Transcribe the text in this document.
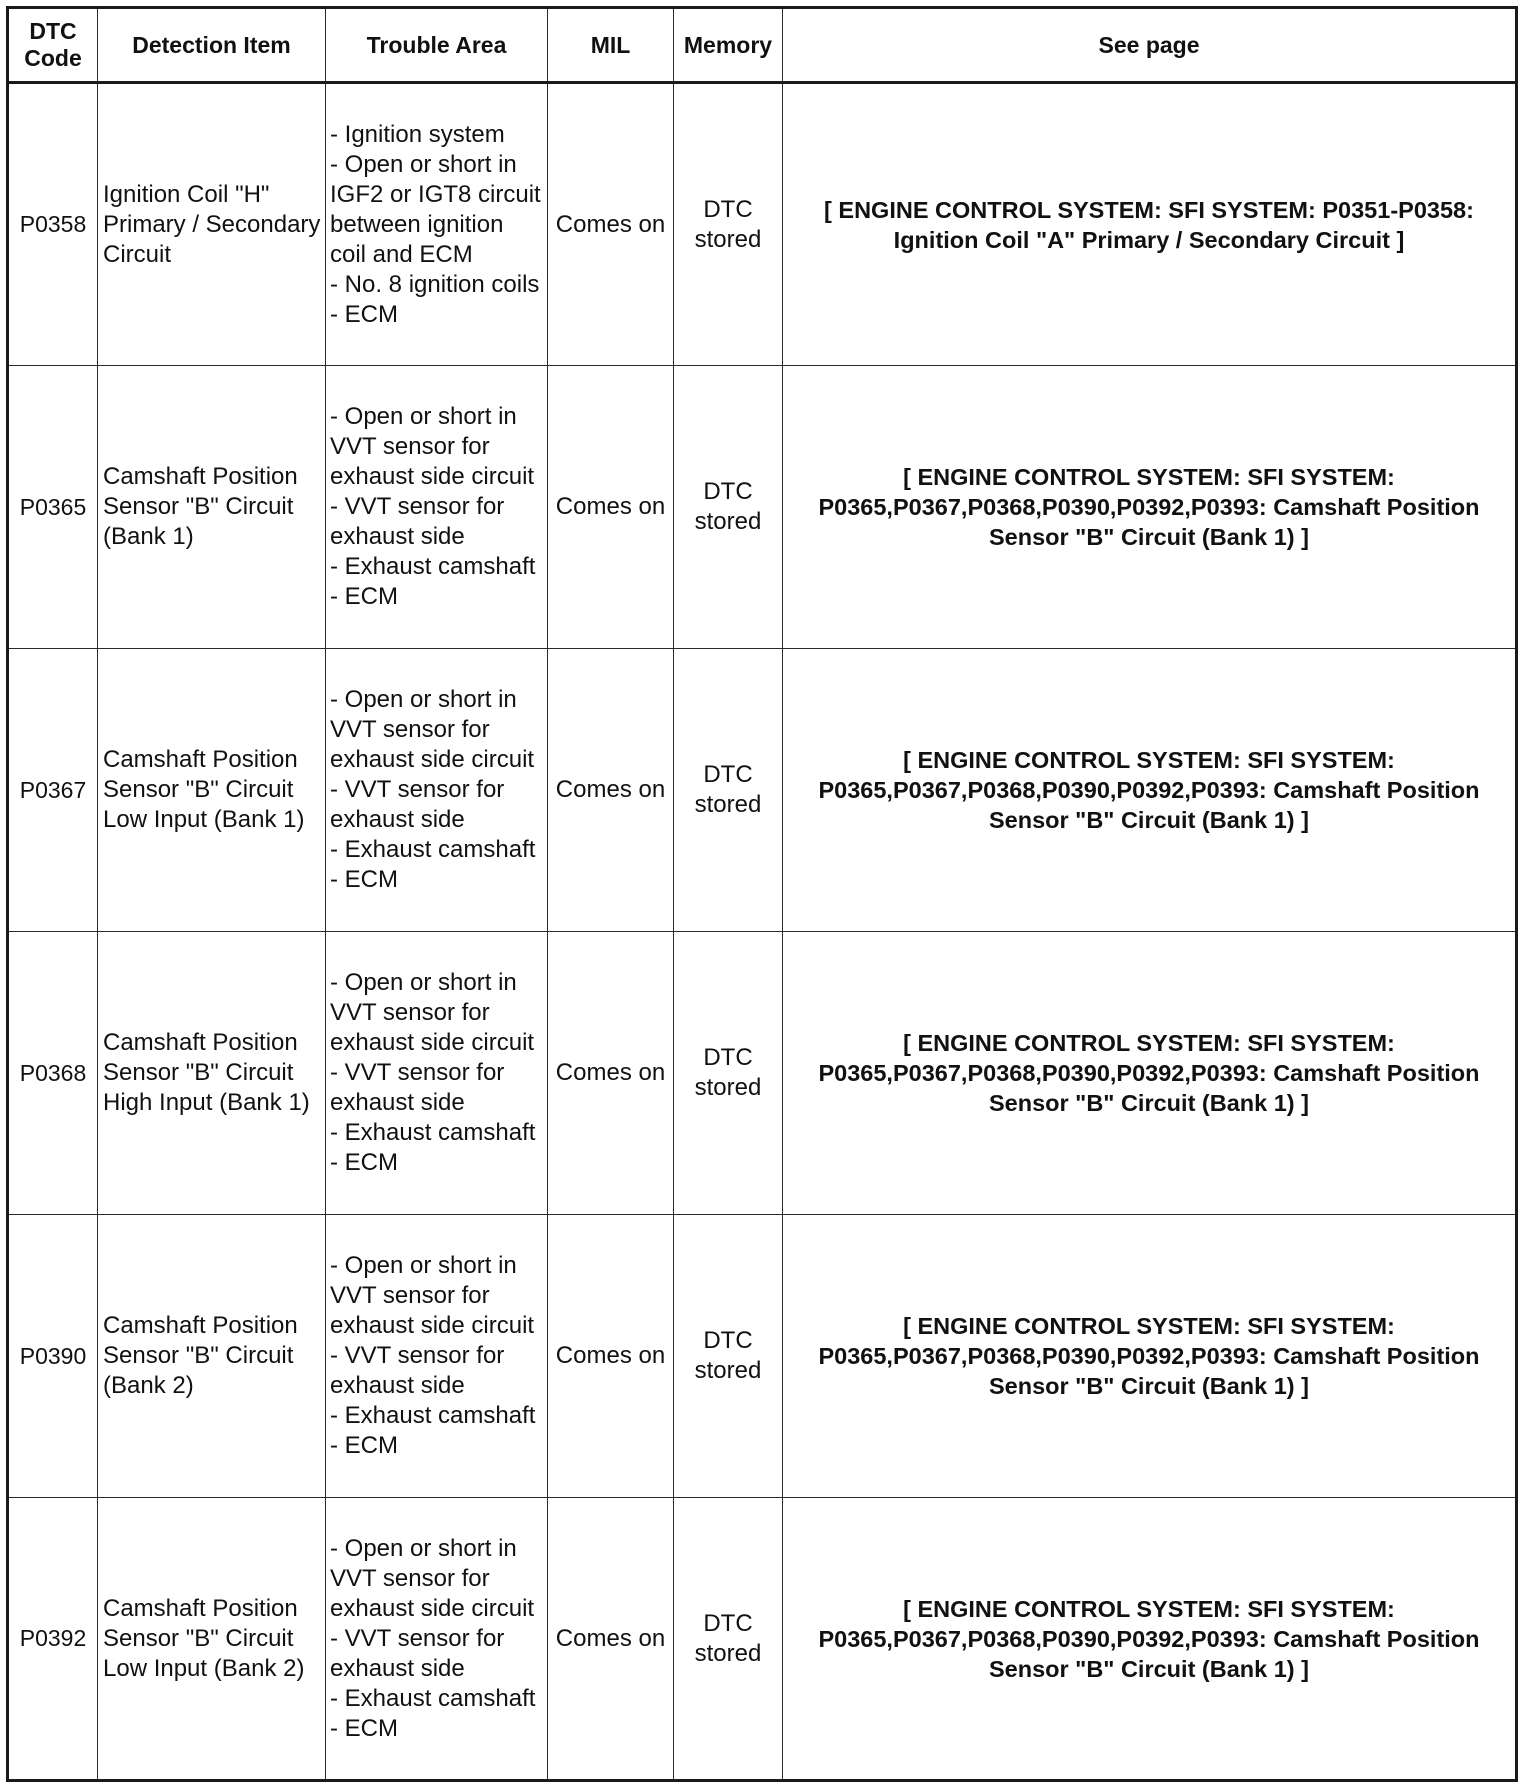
DTC Code	Detection Item	Trouble Area	MIL	Memory	See page
P0358	Ignition Coil "H" Primary / Secondary Circuit	- Ignition system
- Open or short in IGF2 or IGT8 circuit between ignition coil and ECM
- No. 8 ignition coils
- ECM	Comes on	DTC stored	[ ENGINE CONTROL SYSTEM: SFI SYSTEM: P0351-P0358: Ignition Coil "A" Primary / Secondary Circuit ]
P0365	Camshaft Position Sensor "B" Circuit (Bank 1)	- Open or short in VVT sensor for exhaust side circuit
- VVT sensor for exhaust side
- Exhaust camshaft
- ECM	Comes on	DTC stored	[ ENGINE CONTROL SYSTEM: SFI SYSTEM: P0365,P0367,P0368,P0390,P0392,P0393: Camshaft Position Sensor "B" Circuit (Bank 1) ]
P0367	Camshaft Position Sensor "B" Circuit Low Input (Bank 1)	- Open or short in VVT sensor for exhaust side circuit
- VVT sensor for exhaust side
- Exhaust camshaft
- ECM	Comes on	DTC stored	[ ENGINE CONTROL SYSTEM: SFI SYSTEM: P0365,P0367,P0368,P0390,P0392,P0393: Camshaft Position Sensor "B" Circuit (Bank 1) ]
P0368	Camshaft Position Sensor "B" Circuit High Input (Bank 1)	- Open or short in VVT sensor for exhaust side circuit
- VVT sensor for exhaust side
- Exhaust camshaft
- ECM	Comes on	DTC stored	[ ENGINE CONTROL SYSTEM: SFI SYSTEM: P0365,P0367,P0368,P0390,P0392,P0393: Camshaft Position Sensor "B" Circuit (Bank 1) ]
P0390	Camshaft Position Sensor "B" Circuit (Bank 2)	- Open or short in VVT sensor for exhaust side circuit
- VVT sensor for exhaust side
- Exhaust camshaft
- ECM	Comes on	DTC stored	[ ENGINE CONTROL SYSTEM: SFI SYSTEM: P0365,P0367,P0368,P0390,P0392,P0393: Camshaft Position Sensor "B" Circuit (Bank 1) ]
P0392	Camshaft Position Sensor "B" Circuit Low Input (Bank 2)	- Open or short in VVT sensor for exhaust side circuit
- VVT sensor for exhaust side
- Exhaust camshaft
- ECM	Comes on	DTC stored	[ ENGINE CONTROL SYSTEM: SFI SYSTEM: P0365,P0367,P0368,P0390,P0392,P0393: Camshaft Position Sensor "B" Circuit (Bank 1) ]
